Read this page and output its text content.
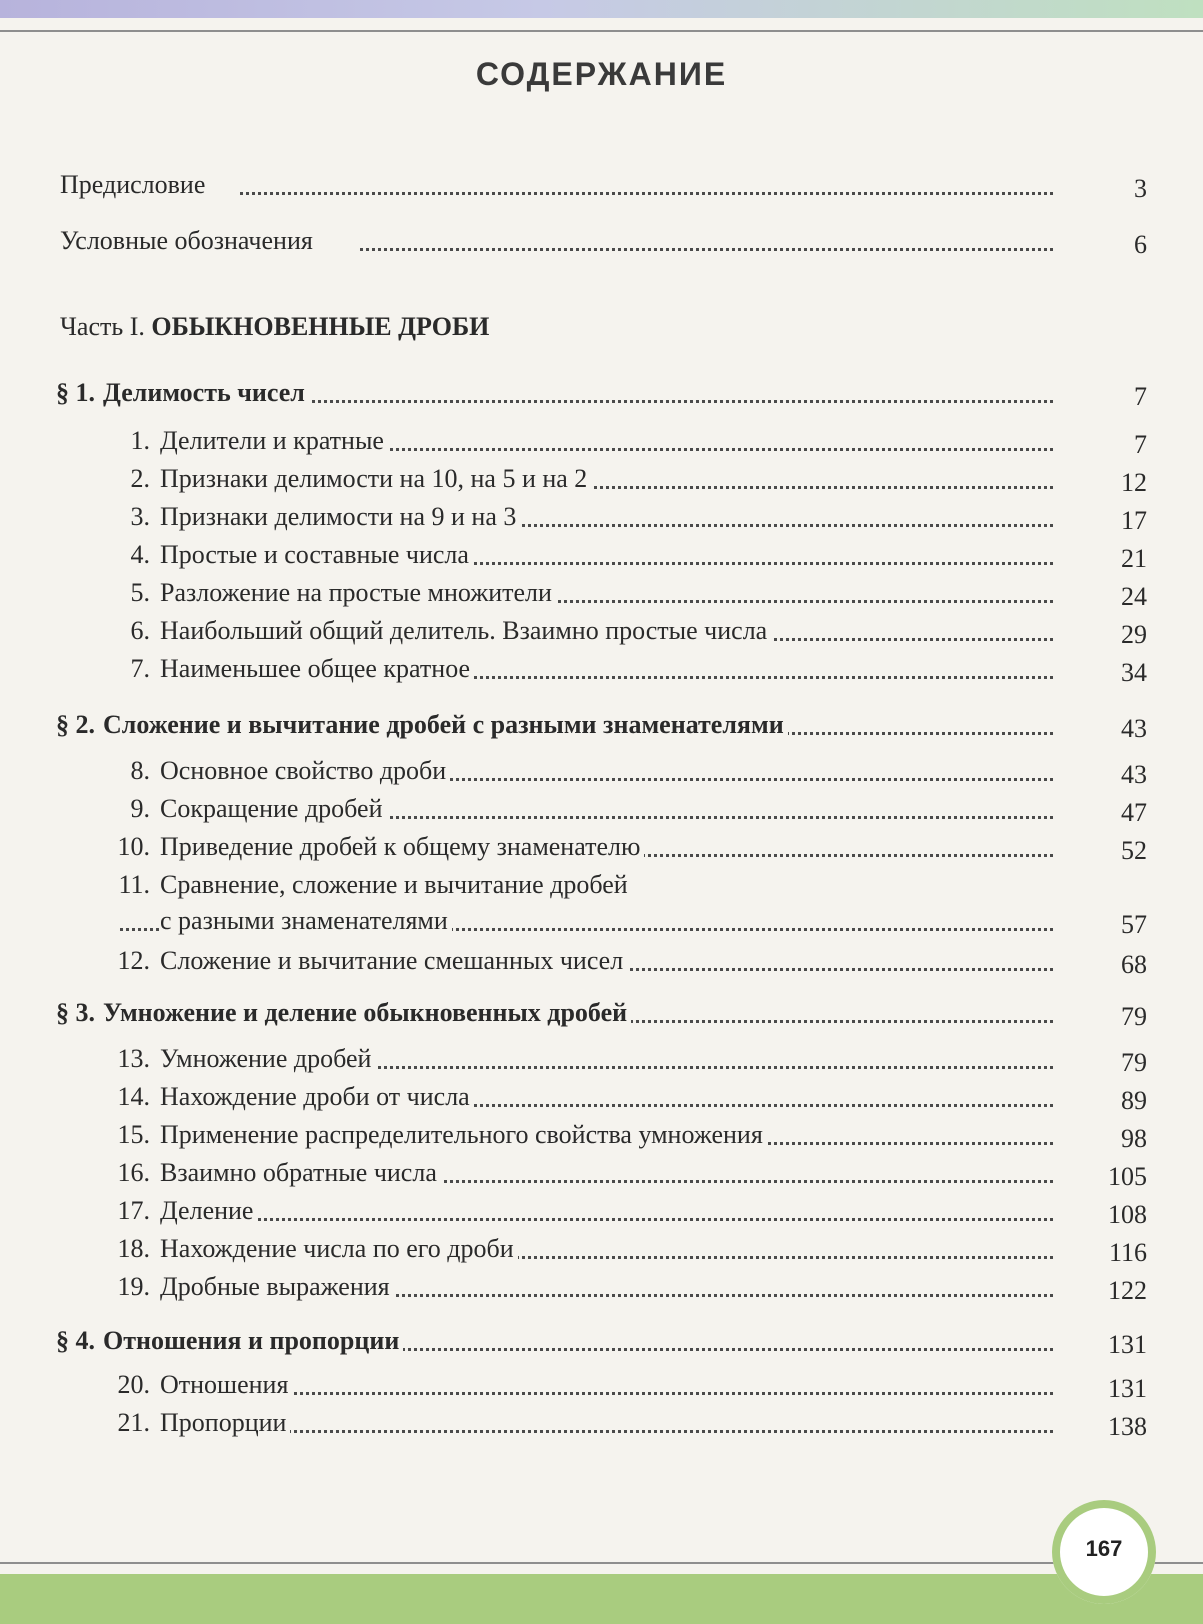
СОДЕРЖАНИЕ
Предисловие	3
Условные обозначения	6
Часть I. ОБЫКНОВЕННЫЕ ДРОБИ
§ 1. Делимость чисел	7
1. Делители и кратные	7
2. Признаки делимости на 10, на 5 и на 2	12
3. Признаки делимости на 9 и на 3	17
4. Простые и составные числа	21
5. Разложение на простые множители	24
6. Наибольший общий делитель. Взаимно простые числа	29
7. Наименьшее общее кратное	34
§ 2. Сложение и вычитание дробей с разными знаменателями	43
8. Основное свойство дроби	43
9. Сокращение дробей	47
10. Приведение дробей к общему знаменателю	52
11. Сравнение, сложение и вычитание дробей
с разными знаменателями	57
12. Сложение и вычитание смешанных чисел	68
§ 3. Умножение и деление обыкновенных дробей	79
13. Умножение дробей	79
14. Нахождение дроби от числа	89
15. Применение распределительного свойства умножения	98
16. Взаимно обратные числа	105
17. Деление	108
18. Нахождение числа по его дроби	116
19. Дробные выражения	122
§ 4. Отношения и пропорции	131
20. Отношения	131
21. Пропорции	138
167
